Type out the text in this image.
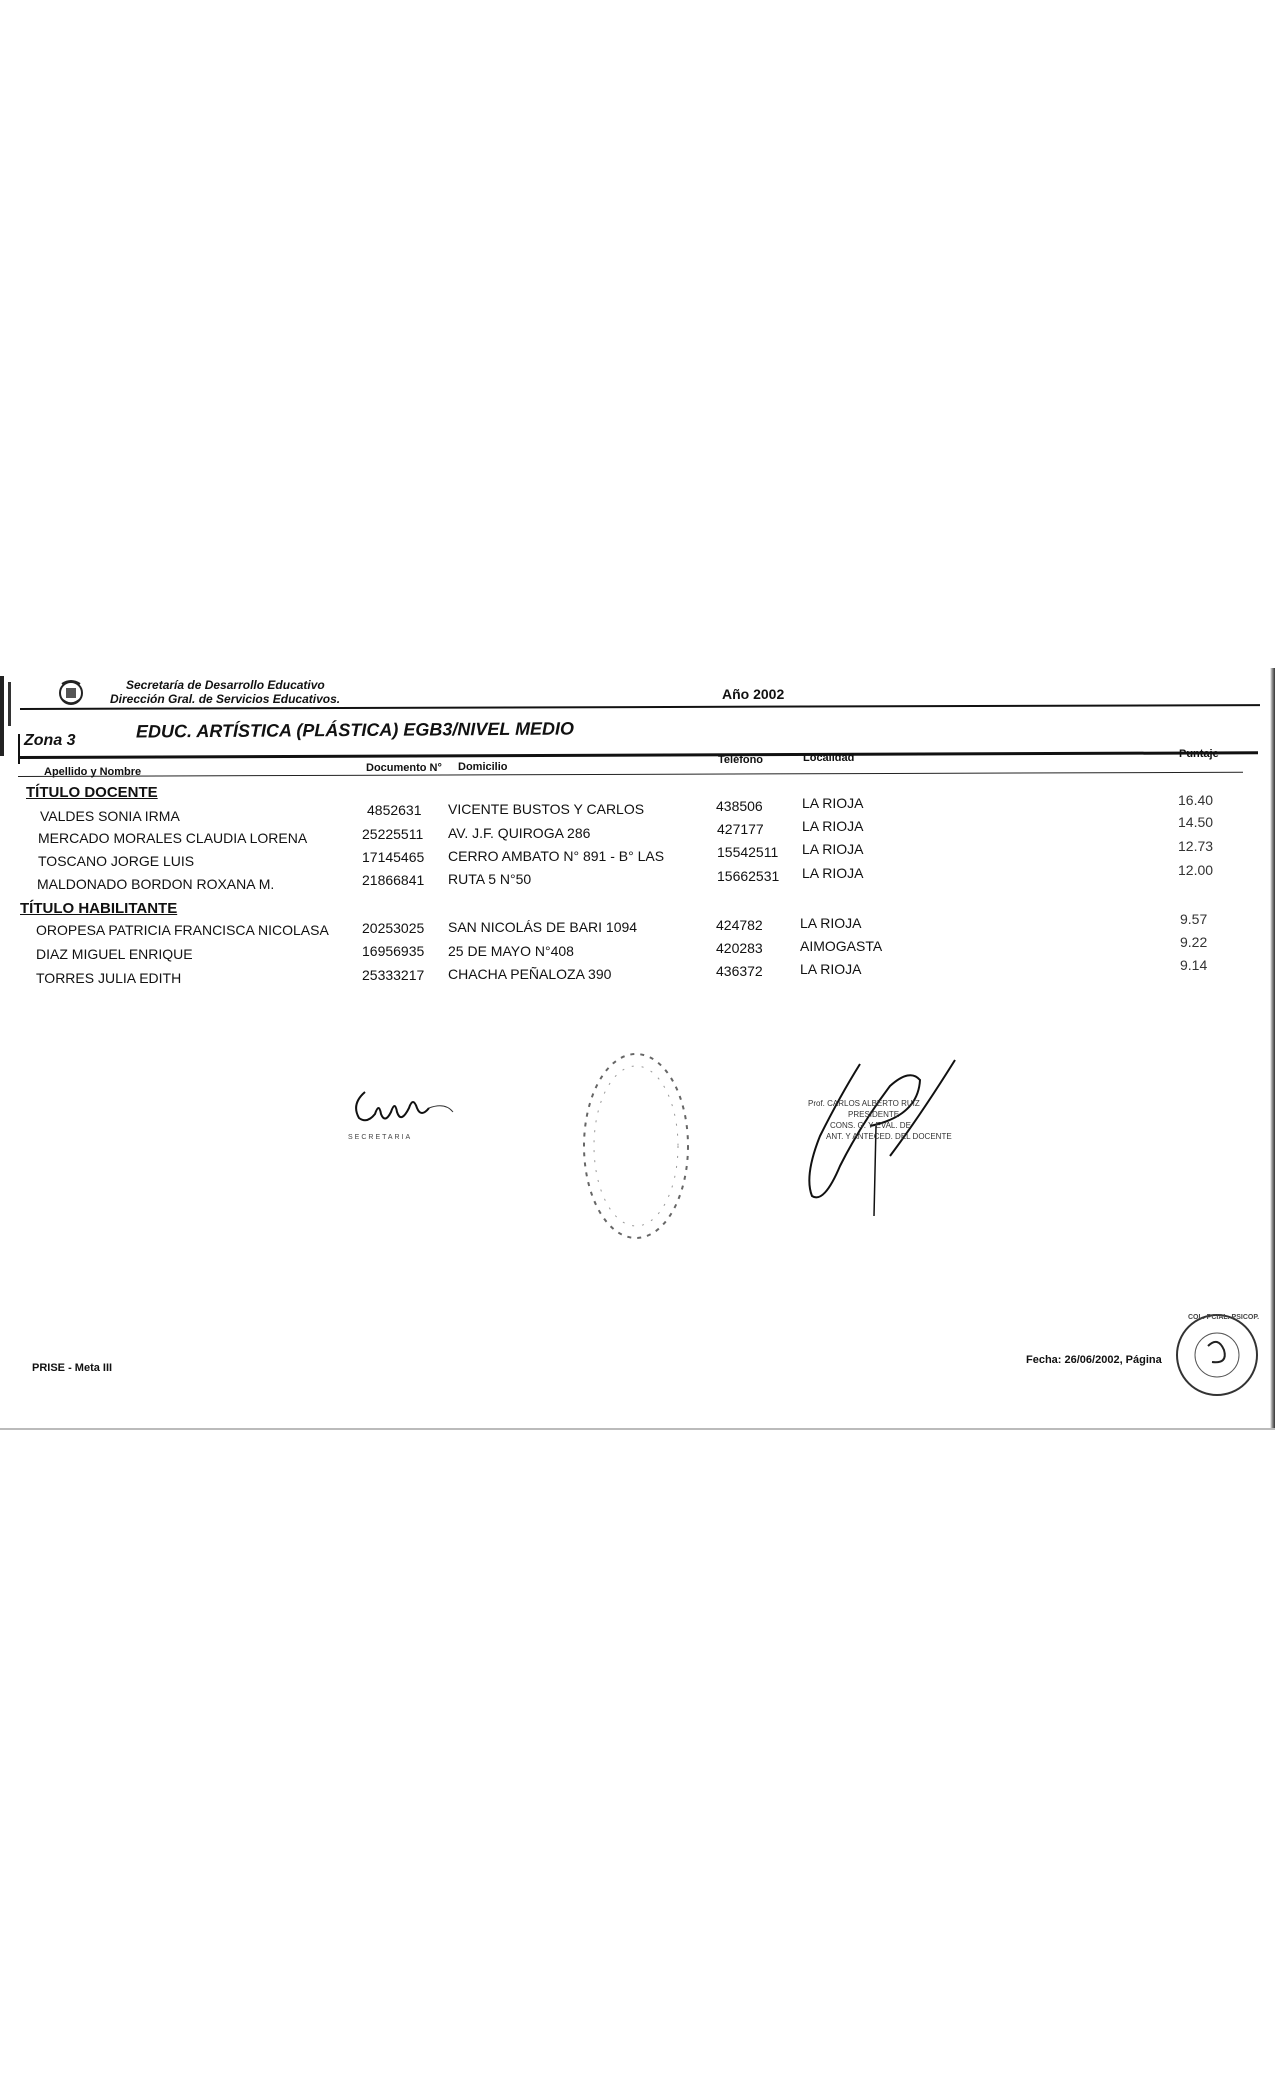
Secretaría de Desarrollo Educativo
Dirección Gral. de Servicios Educativos.	Año 2002
Zona 3	EDUC. ARTÍSTICA (PLÁSTICA) EGB3/NIVEL MEDIO
Apellido y Nombre	Documento N° Domicilio
Teléfono	Localidad	Puntaje
TÍTULO DOCENTE
VALDES SONIA IRMA	4852631 VICENTE BUSTOS Y CARLOS	438506	LA RIOJA	16.40
MERCADO MORALES CLAUDIA LORENA	25225511 AV. J.F. QUIROGA 286	427177	LA RIOJA	14.50
TOSCANO JORGE LUIS	17145465 CERRO AMBATO N° 891 - B° LAS	15542511 LA RIOJA	12.73
MALDONADO BORDON ROXANA M.	21866841 RUTA 5 N°50	15662531 LA RIOJA	12.00
TÍTULO HABILITANTE
OROPESA PATRICIA FRANCISCA NICOLASA 20253025 SAN NICOLÁS DE BARI 1094	424782	LA RIOJA	9.57
DIAZ MIGUEL ENRIQUE	16956935 25 DE MAYO N°408	420283	AIMOGASTA	9.22
TORRES JULIA EDITH	25333217 CHACHA PEÑALOZA 390	436372	LA RIOJA	9.14
SECRETARIA
Prof. CARLOS ALBERTO RUIZ
PRESIDENTE
CONS. G. Y EVAL. DE
ANT. Y ANTECED. DEL DOCENTE
PRISE - Meta III
Fecha: 26/06/2002, Página
COL. PCIAL. PSICOP.
